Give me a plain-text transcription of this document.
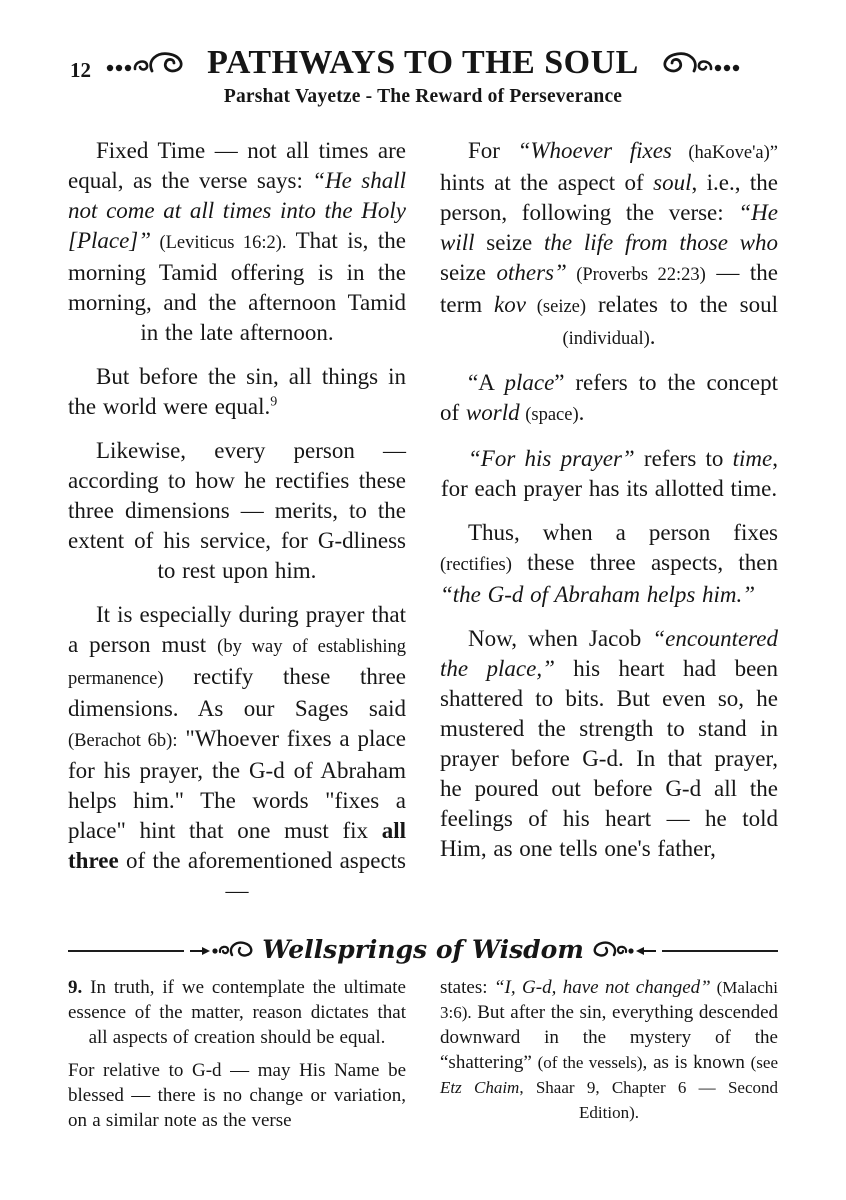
12	PATHWAYS TO THE SOUL
Parshat Vayetze - The Reward of Perseverance

Fixed Time — not all times are equal, as the verse says: “He shall not come at all times into the Holy [Place]” (Leviticus 16:2). That is, the morning Tamid offering is in the morning, and the afternoon Tamid in the late afternoon.

But before the sin, all things in the world were equal.$^9$

Likewise, every person — according to how he rectifies these three dimensions — merits, to the extent of his service, for G-dliness to rest upon him.

It is especially during prayer that a person must (by way of establishing permanence) rectify these three dimensions. As our Sages said (Berachot 6b): "Whoever fixes a place for his prayer, the G-d of Abraham helps him." The words "fixes a place" hint that one must fix all three of the aforementioned aspects —

For “Whoever fixes (haKove'a)” hints at the aspect of soul, i.e., the person, following the verse: “He will seize the life from those who seize others” (Proverbs 22:23) — the term kov (seize) relates to the soul (individual).

“A place” refers to the concept of world (space).

“For his prayer” refers to time, for each prayer has its allotted time.

Thus, when a person fixes (rectifies) these three aspects, then “the G-d of Abraham helps him.”

Now, when Jacob “encountered the place,” his heart had been shattered to bits. But even so, he mustered the strength to stand in prayer before G-d. In that prayer, he poured out before G-d all the feelings of his heart — he told Him, as one tells one's father,

Wellsprings of Wisdom

9. In truth, if we contemplate the ultimate essence of the matter, reason dictates that all aspects of creation should be equal.

For relative to G-d — may His Name be blessed — there is no change or variation, on a similar note as the verse

states: “I, G-d, have not changed” (Malachi 3:6). But after the sin, everything descended downward in the mystery of the “shattering” (of the vessels), as is known (see Etz Chaim, Shaar 9, Chapter 6 — Second Edition).
